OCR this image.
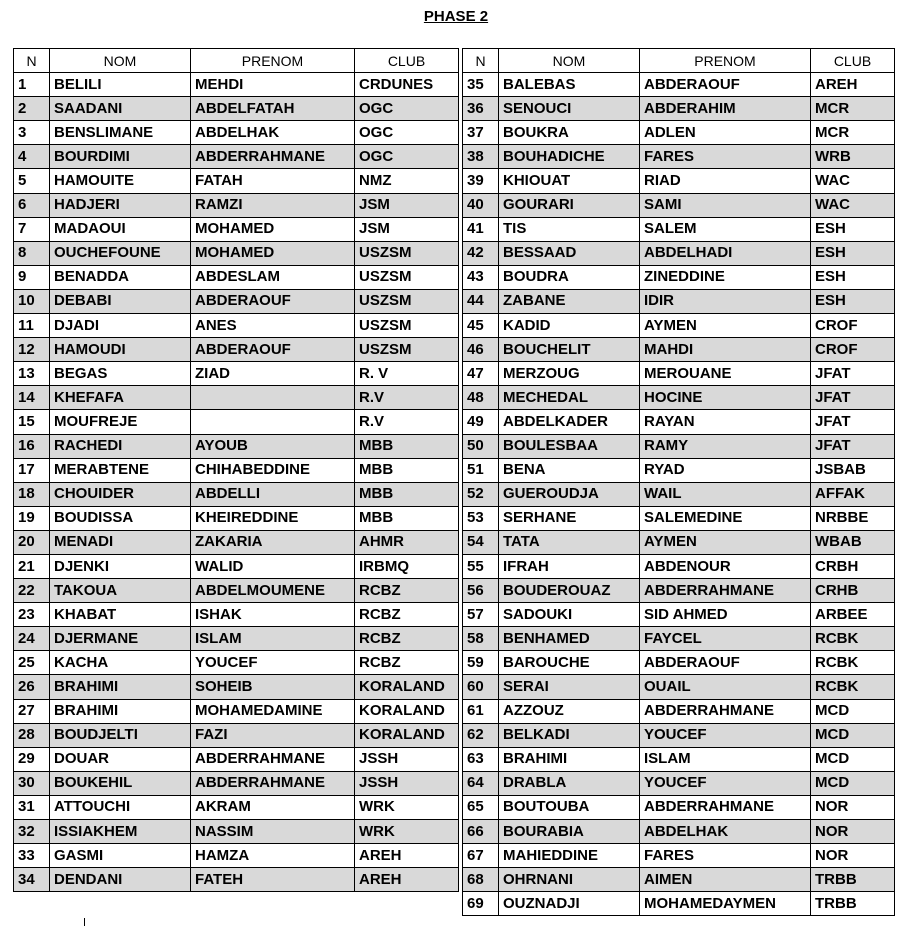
PHASE 2
N	NOM	PRENOM	CLUB
1	BELILI	MEHDI	CRDUNES
2	SAADANI	ABDELFATAH	OGC
3	BENSLIMANE	ABDELHAK	OGC
4	BOURDIMI	ABDERRAHMANE	OGC
5	HAMOUITE	FATAH	NMZ
6	HADJERI	RAMZI	JSM
7	MADAOUI	MOHAMED	JSM
8	OUCHEFOUNE	MOHAMED	USZSM
9	BENADDA	ABDESLAM	USZSM
10	DEBABI	ABDERAOUF	USZSM
11	DJADI	ANES	USZSM
12	HAMOUDI	ABDERAOUF	USZSM
13	BEGAS	ZIAD	R. V
14	KHEFAFA		R.V
15	MOUFREJE		R.V
16	RACHEDI	AYOUB	MBB
17	MERABTENE	CHIHABEDDINE	MBB
18	CHOUIDER	ABDELLI	MBB
19	BOUDISSA	KHEIREDDINE	MBB
20	MENADI	ZAKARIA	AHMR
21	DJENKI	WALID	IRBMQ
22	TAKOUA	ABDELMOUMENE	RCBZ
23	KHABAT	ISHAK	RCBZ
24	DJERMANE	ISLAM	RCBZ
25	KACHA	YOUCEF	RCBZ
26	BRAHIMI	SOHEIB	KORALAND
27	BRAHIMI	MOHAMEDAMINE	KORALAND
28	BOUDJELTI	FAZI	KORALAND
29	DOUAR	ABDERRAHMANE	JSSH
30	BOUKEHIL	ABDERRAHMANE	JSSH
31	ATTOUCHI	AKRAM	WRK
32	ISSIAKHEM	NASSIM	WRK
33	GASMI	HAMZA	AREH
34	DENDANI	FATEH	AREH
N	NOM	PRENOM	CLUB
35	BALEBAS	ABDERAOUF	AREH
36	SENOUCI	ABDERAHIM	MCR
37	BOUKRA	ADLEN	MCR
38	BOUHADICHE	FARES	WRB
39	KHIOUAT	RIAD	WAC
40	GOURARI	SAMI	WAC
41	TIS	SALEM	ESH
42	BESSAAD	ABDELHADI	ESH
43	BOUDRA	ZINEDDINE	ESH
44	ZABANE	IDIR	ESH
45	KADID	AYMEN	CROF
46	BOUCHELIT	MAHDI	CROF
47	MERZOUG	MEROUANE	JFAT
48	MECHEDAL	HOCINE	JFAT
49	ABDELKADER	RAYAN	JFAT
50	BOULESBAA	RAMY	JFAT
51	BENA	RYAD	JSBAB
52	GUEROUDJA	WAIL	AFFAK
53	SERHANE	SALEMEDINE	NRBBE
54	TATA	AYMEN	WBAB
55	IFRAH	ABDENOUR	CRBH
56	BOUDEROUAZ	ABDERRAHMANE	CRHB
57	SADOUKI	SID AHMED	ARBEE
58	BENHAMED	FAYCEL	RCBK
59	BAROUCHE	ABDERAOUF	RCBK
60	SERAI	OUAIL	RCBK
61	AZZOUZ	ABDERRAHMANE	MCD
62	BELKADI	YOUCEF	MCD
63	BRAHIMI	ISLAM	MCD
64	DRABLA	YOUCEF	MCD
65	BOUTOUBA	ABDERRAHMANE	NOR
66	BOURABIA	ABDELHAK	NOR
67	MAHIEDDINE	FARES	NOR
68	OHRNANI	AIMEN	TRBB
69	OUZNADJI	MOHAMEDAYMEN	TRBB
